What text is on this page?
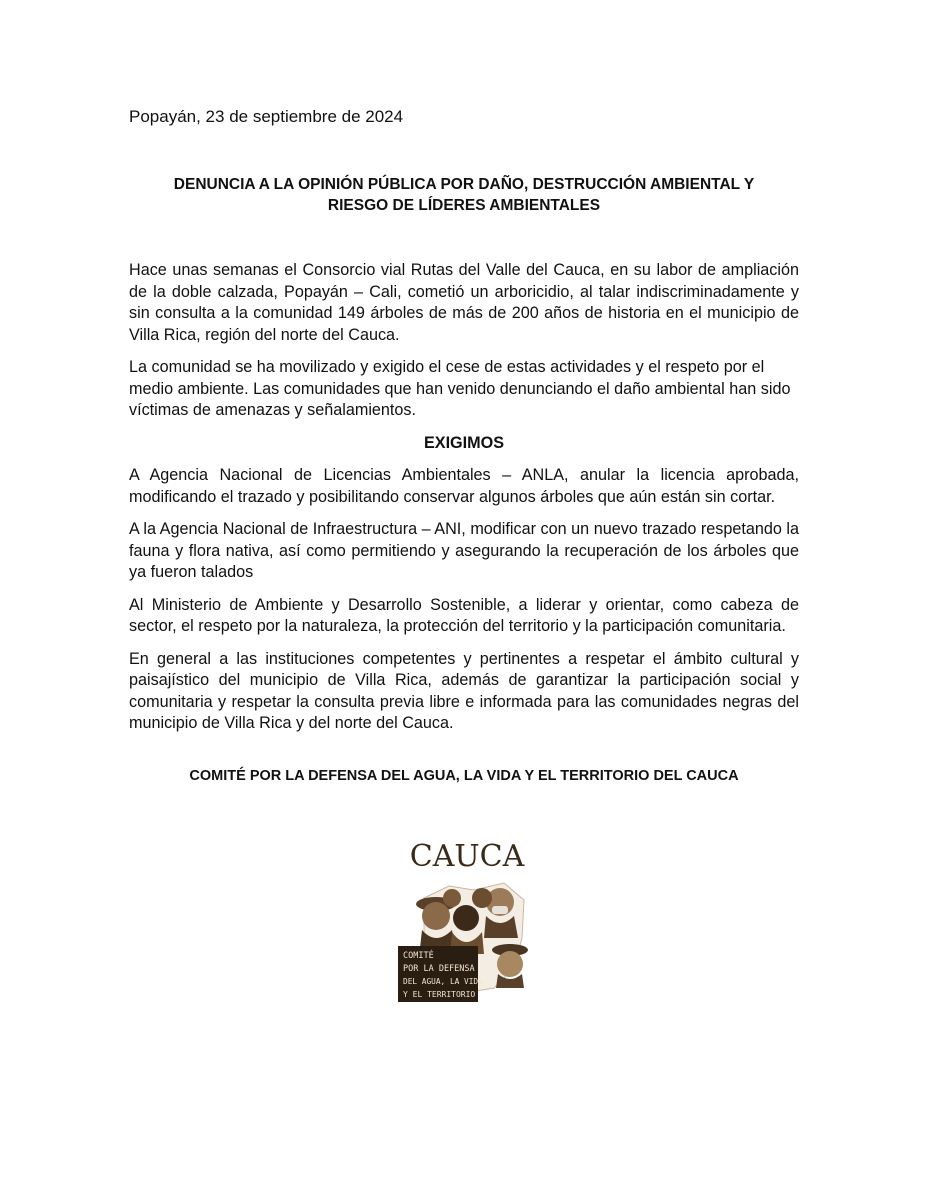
Popayán, 23 de septiembre de 2024
DENUNCIA A LA OPINIÓN PÚBLICA POR DAÑO, DESTRUCCIÓN AMBIENTAL Y
RIESGO DE LÍDERES AMBIENTALES

Hace unas semanas el Consorcio vial Rutas del Valle del Cauca, en su labor de ampliación de la doble calzada, Popayán – Cali, cometió un arboricidio, al talar indiscriminadamente y sin consulta a la comunidad 149 árboles de más de 200 años de historia en el municipio de Villa Rica, región del norte del Cauca.

La comunidad se ha movilizado y exigido el cese de estas actividades y el respeto por el medio ambiente. Las comunidades que han venido denunciando el daño ambiental han sido víctimas de amenazas y señalamientos.

EXIGIMOS

A Agencia Nacional de Licencias Ambientales – ANLA, anular la licencia aprobada, modificando el trazado y posibilitando conservar algunos árboles que aún están sin cortar.

A la Agencia Nacional de Infraestructura – ANI, modificar con un nuevo trazado respetando la fauna y flora nativa, así como permitiendo y asegurando la recuperación de los árboles que ya fueron talados

Al Ministerio de Ambiente y Desarrollo Sostenible, a liderar y orientar, como cabeza de sector, el respeto por la naturaleza, la protección del territorio y la participación comunitaria.

En general a las instituciones competentes y pertinentes a respetar el ámbito cultural y paisajístico del municipio de Villa Rica, además de garantizar la participación social y comunitaria y respetar la consulta previa libre e informada para las comunidades negras del municipio de Villa Rica y del norte del Cauca.

COMITÉ POR LA DEFENSA DEL AGUA, LA VIDA Y EL TERRITORIO DEL CAUCA
CAUCA
COMITÉ
POR LA DEFENSA
DEL AGUA, LA VIDA
Y EL TERRITORIO
